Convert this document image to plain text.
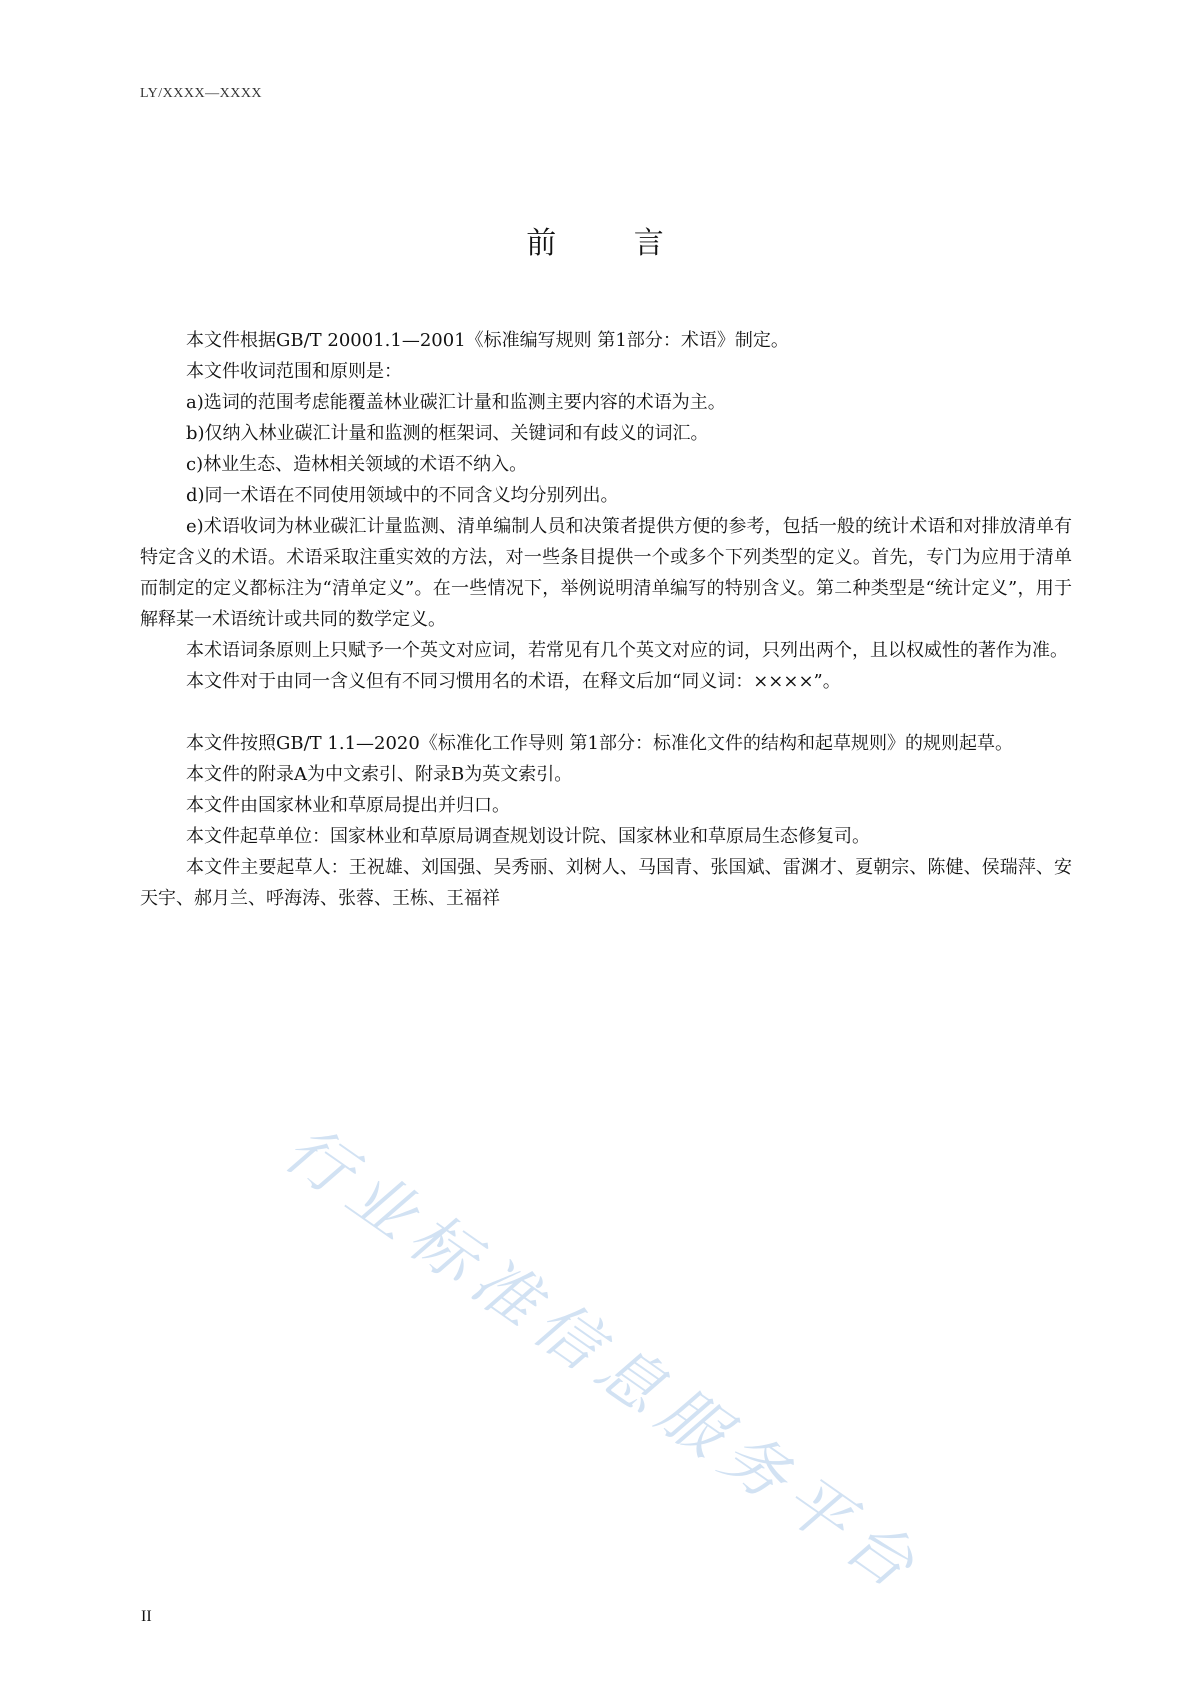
LY/XXXX—XXXX
前 言

本文件根据GB/T 20001.1—2001《标准编写规则 第1部分：术语》制定。

本文件收词范围和原则是：

a)选词的范围考虑能覆盖林业碳汇计量和监测主要内容的术语为主。

b)仅纳入林业碳汇计量和监测的框架词、关键词和有歧义的词汇。

c)林业生态、造林相关领域的术语不纳入。

d)同一术语在不同使用领域中的不同含义均分别列出。

e)术语收词为林业碳汇计量监测、清单编制人员和决策者提供方便的参考，包括一般的统计术语和对排放清单有特定含义的术语。术语采取注重实效的方法，对一些条目提供一个或多个下列类型的定义。首先，专门为应用于清单而制定的定义都标注为“清单定义”。在一些情况下，举例说明清单编写的特别含义。第二种类型是“统计定义”，用于解释某一术语统计或共同的数学定义。

本术语词条原则上只赋予一个英文对应词，若常见有几个英文对应的词，只列出两个，且以权威性的著作为准。

本文件对于由同一含义但有不同习惯用名的术语，在释文后加“同义词：××××”。

本文件按照GB/T 1.1—2020《标准化工作导则 第1部分：标准化文件的结构和起草规则》的规则起草。

本文件的附录A为中文索引、附录B为英文索引。

本文件由国家林业和草原局提出并归口。

本文件起草单位：国家林业和草原局调查规划设计院、国家林业和草原局生态修复司。

本文件主要起草人：王祝雄、刘国强、吴秀丽、刘树人、马国青、张国斌、雷渊才、夏朝宗、陈健、侯瑞萍、安天宇、郝月兰、呼海涛、张蓉、王栋、王福祥

行业标准信息服务平台
II
